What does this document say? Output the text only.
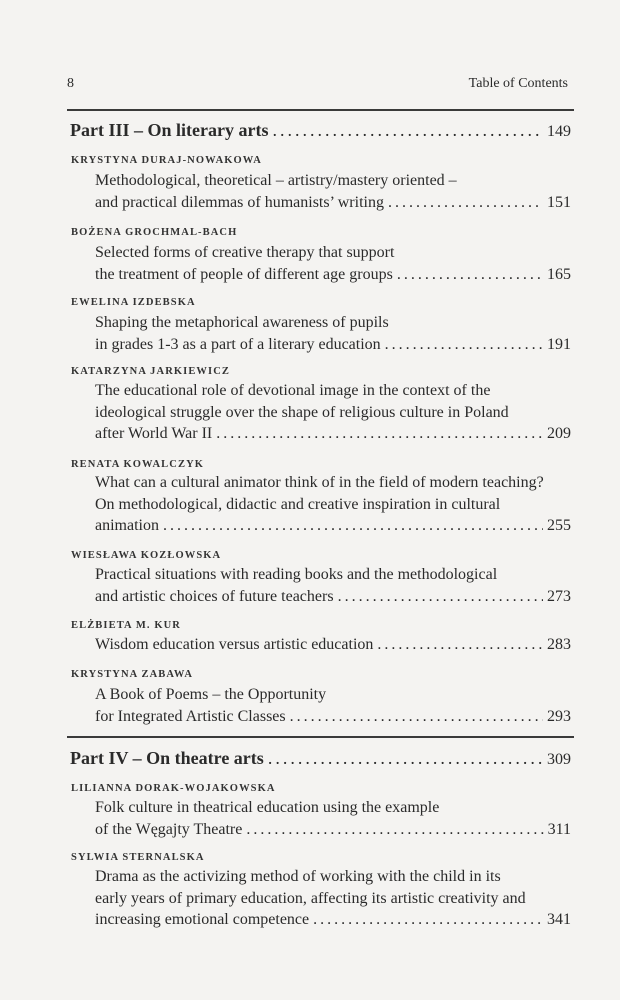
8	Table of Contents
Part III – On literary arts .....	149
KRYSTYNA DURAJ-NOWAKOWA
Methodological, theoretical – artistry/mastery oriented –
and practical dilemmas of humanists’ writing .....	151
BOŻENA GROCHMAL-BACH
Selected forms of creative therapy that support
the treatment of people of different age groups .....	165
EWELINA IZDEBSKA
Shaping the metaphorical awareness of pupils
in grades 1-3 as a part of a literary education .....	191
KATARZYNA JARKIEWICZ
The educational role of devotional image in the context of the
ideological struggle over the shape of religious culture in Poland
after World War II .....	209
RENATA KOWALCZYK
What can a cultural animator think of in the field of modern teaching?
On methodological, didactic and creative inspiration in cultural
animation .....	255
WIESŁAWA KOZŁOWSKA
Practical situations with reading books and the methodological
and artistic choices of future teachers .....	273
ELŻBIETA M. KUR
Wisdom education versus artistic education .....	283
KRYSTYNA ZABAWA
A Book of Poems – the Opportunity
for Integrated Artistic Classes .....	293
Part IV – On theatre arts .....	309
LILIANNA DORAK-WOJAKOWSKA
Folk culture in theatrical education using the example
of the Węgajty Theatre .....	311
SYLWIA STERNALSKA
Drama as the activizing method of working with the child in its
early years of primary education, affecting its artistic creativity and
increasing emotional competence .....	341
